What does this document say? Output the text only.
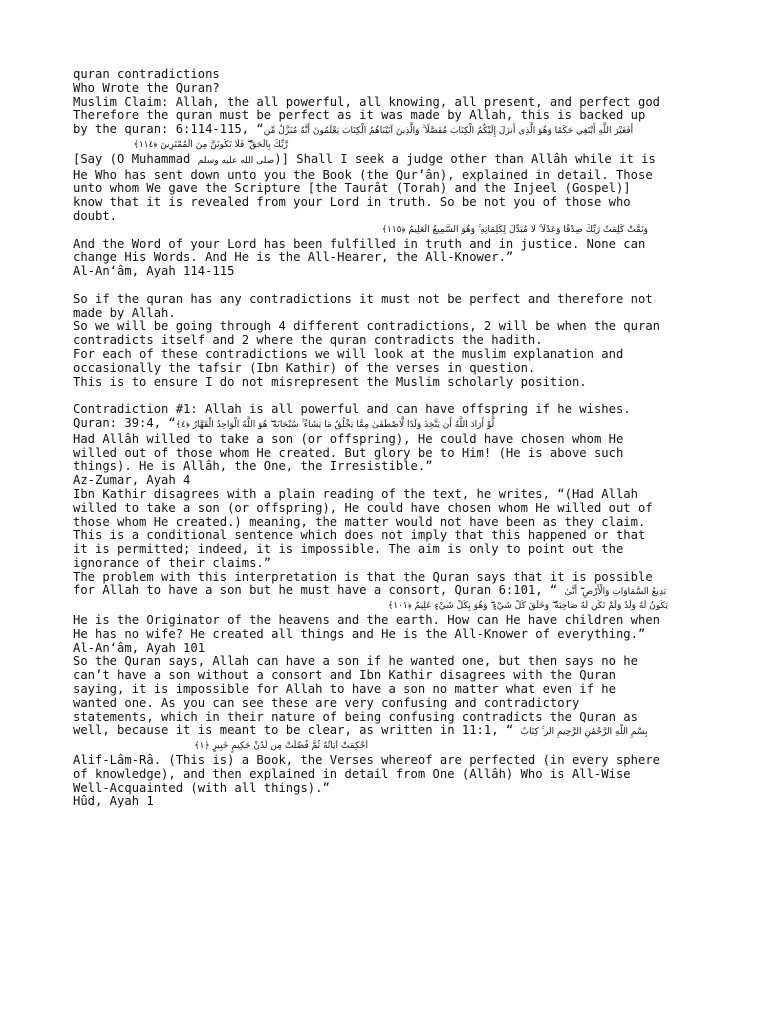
quran contradictions
Who Wrote the Quran?
Muslim Claim: Allah, the all powerful, all knowing, all present, and perfect god
Therefore the quran must be perfect as it was made by Allah, this is backed up
by the quran: 6:114-115, “أَفَغَيْرَ اللَّهِ أَبْتَغِي حَكَمًا وَهُوَ الَّذِي أَنزَلَ إِلَيْكُمُ الْكِتَابَ مُفَصَّلًا ۚ وَالَّذِينَ آتَيْنَاهُمُ الْكِتَابَ يَعْلَمُونَ أَنَّهُ مُنَزَّلٌ مِّن
رَّبِّكَ بِالْحَقِّ ۖ فَلَا تَكُونَنَّ مِنَ الْمُمْتَرِينَ ﴿١١٤﴾
[Say (O Muhammad صلى الله عليه وسلم)] Shall I seek a judge other than Allâh while it is
He Who has sent down unto you the Book (the Qur’ân), explained in detail. Those
unto whom We gave the Scripture [the Taurât (Torah) and the Injeel (Gospel)]
know that it is revealed from your Lord in truth. So be not you of those who
doubt.
وَتَمَّتْ كَلِمَتُ رَبِّكَ صِدْقًا وَعَدْلًا ۚ لَّا مُبَدِّلَ لِكَلِمَاتِهِ ۚ وَهُوَ السَّمِيعُ الْعَلِيمُ ﴿١١٥﴾
And the Word of your Lord has been fulfilled in truth and in justice. None can
change His Words. And He is the All-Hearer, the All-Knower.”
Al-An‘âm, Ayah 114-115
So if the quran has any contradictions it must not be perfect and therefore not
made by Allah.
So we will be going through 4 different contradictions, 2 will be when the quran
contradicts itself and 2 where the quran contradicts the hadith.
For each of these contradictions we will look at the muslim explanation and
occasionally the tafsir (Ibn Kathir) of the verses in question.
This is to ensure I do not misrepresent the Muslim scholarly position.
Contradiction #1: Allah is all powerful and can have offspring if he wishes.
Quran: 39:4, “لَّوْ أَرَادَ اللَّهُ أَن يَتَّخِذَ وَلَدًا لَّاصْطَفَىٰ مِمَّا يَخْلُقُ مَا يَشَاءُ ۚ سُبْحَانَهُ ۖ هُوَ اللَّهُ الْوَاحِدُ الْقَهَّارُ ﴿٤﴾
Had Allâh willed to take a son (or offspring), He could have chosen whom He
willed out of those whom He created. But glory be to Him! (He is above such
things). He is Allâh, the One, the Irresistible.”
Az-Zumar, Ayah 4
Ibn Kathir disagrees with a plain reading of the text, he writes, “(Had Allah
willed to take a son (or offspring), He could have chosen whom He willed out of
those whom He created.) meaning, the matter would not have been as they claim.
This is a conditional sentence which does not imply that this happened or that
it is permitted; indeed, it is impossible. The aim is only to point out the
ignorance of their claims.”
The problem with this interpretation is that the Quran says that it is possible
for Allah to have a son but he must have a consort, Quran 6:101, “ بَدِيعُ السَّمَاوَاتِ وَالْأَرْضِ ۖ أَنَّىٰ
يَكُونُ لَهُ وَلَدٌ وَلَمْ تَكُن لَّهُ صَاحِبَةٌ ۖ وَخَلَقَ كُلَّ شَيْءٍ ۖ وَهُوَ بِكُلِّ شَيْءٍ عَلِيمٌ ﴿١٠١﴾
He is the Originator of the heavens and the earth. How can He have children when
He has no wife? He created all things and He is the All-Knower of everything.”
Al-An‘âm, Ayah 101
So the Quran says, Allah can have a son if he wanted one, but then says no he
can’t have a son without a consort and Ibn Kathir disagrees with the Quran
saying, it is impossible for Allah to have a son no matter what even if he
wanted one. As you can see these are very confusing and contradictory
statements, which in their nature of being confusing contradicts the Quran as
well, because it is meant to be clear, as written in 11:1, “ بِسْمِ اللَّهِ الرَّحْمَٰنِ الرَّحِيمِ الر ۚ كِتَابٌ
أُحْكِمَتْ آيَاتُهُ ثُمَّ فُصِّلَتْ مِن لَّدُنْ حَكِيمٍ خَبِيرٍ ﴿١﴾
Alif-Lâm-Râ. (This is) a Book, the Verses whereof are perfected (in every sphere
of knowledge), and then explained in detail from One (Allâh) Who is All-Wise
Well-Acquainted (with all things).”
Hûd, Ayah 1
